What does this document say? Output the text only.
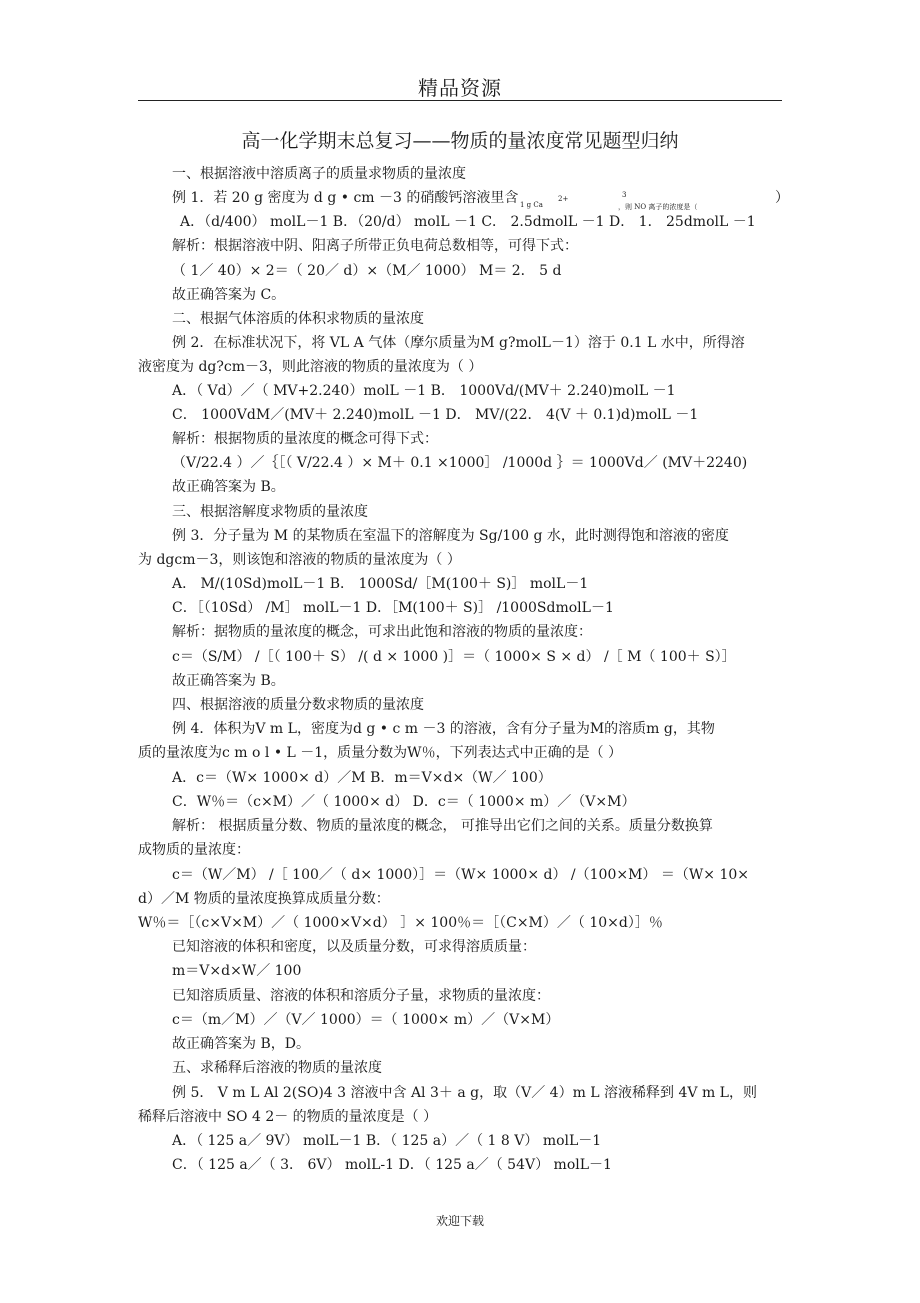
精品资源
高一化学期末总复习——物质的量浓度常见题型归纳
一、根据溶液中溶质离子的质量求物质的量浓度
例 1．若 20 g 密度为 d g • cm －3 的硝酸钙溶液里含 1 g Ca
2+	3
，则 NO 离子的浓度是（
）
A．（d/400） molL－1 B．（20/d） molL －1 C． 2.5dmolL －1 D． 1． 25dmolL －1
解析：根据溶液中阴、阳离子所带正负电荷总数相等，可得下式：
（ 1／ 40）× 2＝（ 20／ d）×（M／ 1000） M＝ 2． 5 d
故正确答案为 C。
二、根据气体溶质的体积求物质的量浓度
例 2．在标准状况下，将 VL A 气体（摩尔质量为M g?molL－1）溶于 0.1 L 水中，所得溶
液密度为 dg?cm－3，则此溶液的物质的量浓度为（ ）
A．（ Vd）／（ MV+2.240）molL －1 B． 1000Vd/(MV＋ 2.240)molL －1
C． 1000VdM／(MV＋ 2.240)molL －1 D． MV/(22． 4(V ＋ 0.1)d)molL －1
解析：根据物质的量浓度的概念可得下式：
（V/22.4 ）／｛［（ V/22.4 ）× M＋ 0.1 ×1000］ /1000d ｝＝ 1000Vd／ (MV＋2240)
故正确答案为 B。
三、根据溶解度求物质的量浓度
例 3．分子量为 M 的某物质在室温下的溶解度为 Sg/100 g 水，此时测得饱和溶液的密度
为 dgcm－3，则该饱和溶液的物质的量浓度为（ ）
A． M/(10Sd)molL－1 B． 1000Sd/［M(100＋ S)］ molL－1
C．［（10Sd） /M］ molL－1 D．［M(100＋ S)］ /1000SdmolL－1
解析：据物质的量浓度的概念，可求出此饱和溶液的物质的量浓度：
c＝（S/M） /［（ 100＋ S） /( d × 1000 )］＝（ 1000× S × d） /［ M（ 100＋ S）］
故正确答案为 B。
四、根据溶液的质量分数求物质的量浓度
例 4．体积为V m L，密度为d g • c m －3 的溶液，含有分子量为M的溶质m g，其物
质的量浓度为c m o l • L －1，质量分数为W％，下列表达式中正确的是（ ）
A．c＝（W× 1000× d）／M B．m＝V×d×（W／ 100）
C．W％＝（c×M）／（ 1000× d） D．c＝（ 1000× m）／（V×M）
解析： 根据质量分数、物质的量浓度的概念， 可推导出它们之间的关系。质量分数换算
成物质的量浓度：
c＝（W／M） /［ 100／（ d× 1000）］＝（W× 1000× d） /（100×M） ＝（W× 10×
d）／M 物质的量浓度换算成质量分数：
W％＝［（c×V×M）／（ 1000×V×d） ］× 100％＝［（C×M）／（ 10×d）］％
已知溶液的体积和密度，以及质量分数，可求得溶质质量：
m＝V×d×W／ 100
已知溶质质量、溶液的体积和溶质分子量，求物质的量浓度：
c＝（m／M）／（V／ 1000）＝（ 1000× m）／（V×M）
故正确答案为 B，D。
五、求稀释后溶液的物质的量浓度
例 5． V m L Al 2(SO)4 3 溶液中含 Al 3＋ a g，取（V／ 4）m L 溶液稀释到 4V m L，则
稀释后溶液中 SO 4 2－ 的物质的量浓度是（ ）
A．（ 125 a／ 9V） molL－1 B．（ 125 a）／（ 1 8 V） molL－1
C．（ 125 a／（ 3． 6V） molL-1 D．（ 125 a／（ 54V） molL－1
欢迎下载
